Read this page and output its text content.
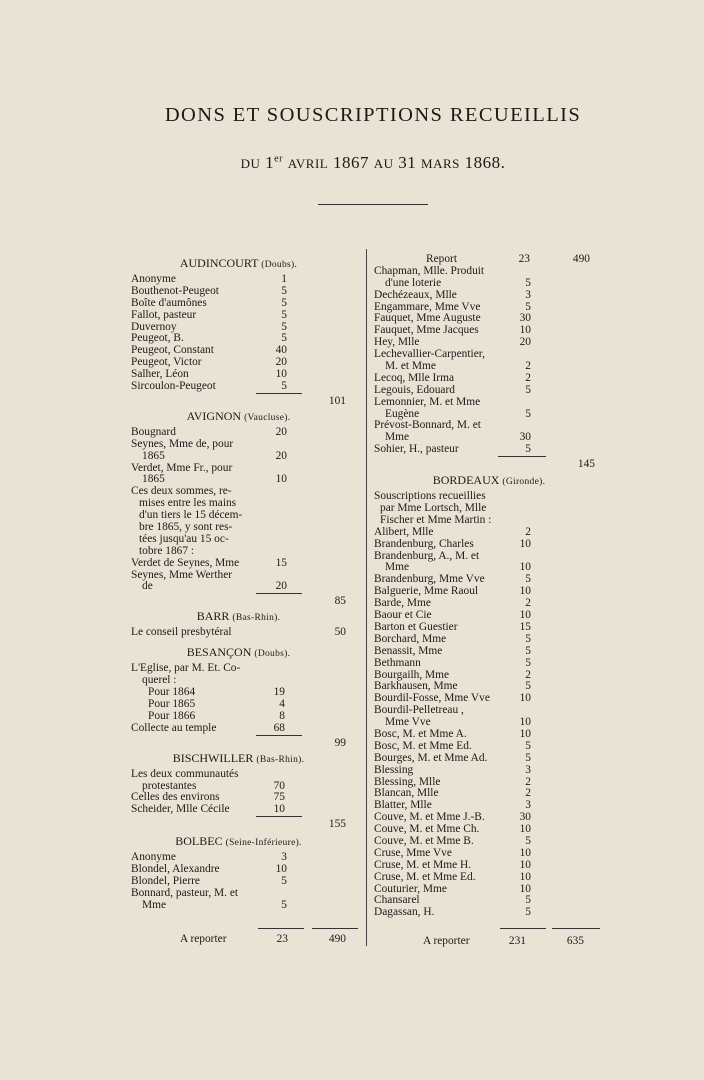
DONS ET SOUSCRIPTIONS RECUEILLIS
DU 1er AVRIL 1867 AU 31 MARS 1868.
AUDINCOURT (Doubs).
Anonyme	1
Bouthenot-Peugeot	5
Boîte d'aumônes	5
Fallot, pasteur	5
Duvernoy	5
Peugeot, B.	5
Peugeot, Constant	40
Peugeot, Victor	20
Salher, Léon	10
Sircoulon-Peugeot	5
101
AVIGNON (Vaucluse).
Bougnard	20
Seynes, Mme de, pour
1865	20
Verdet, Mme Fr., pour
1865	10
Ces deux sommes, re-
mises entre les mains
d'un tiers le 15 décem-
bre 1865, y sont res-
tées jusqu'au 15 oc-
tobre 1867 :
Verdet de Seynes, Mme	15
Seynes, Mme Werther
de	20
85
BARR (Bas-Rhin).
Le conseil presbytéral	50
BESANÇON (Doubs).
L'Eglise, par M. Et. Co-
querel :
Pour 1864	19
Pour 1865	4
Pour 1866	8
Collecte au temple	68
99
BISCHWILLER (Bas-Rhin).
Les deux communautés
protestantes	70
Celles des environs	75
Scheider, Mlle Cécile	10
155
BOLBEC (Seine-Inférieure).
Anonyme	3
Blondel, Alexandre	10
Blondel, Pierre	5
Bonnard, pasteur, M. et
Mme	5
A reporter	23	490
Report	23	490
Chapman, Mlle. Produit
d'une loterie	5
Dechézeaux, Mlle	3
Engammare, Mme Vve	5
Fauquet, Mme Auguste	30
Fauquet, Mme Jacques	10
Hey, Mlle	20
Lechevallier-Carpentier,
M. et Mme	2
Lecoq, Mlle Irma	2
Legouis, Edouard	5
Lemonnier, M. et Mme
Eugène	5
Prévost-Bonnard, M. et
Mme	30
Sohier, H., pasteur	5
145
BORDEAUX (Gironde).
Souscriptions recueillies
par Mme Lortsch, Mlle
Fischer et Mme Martin :
Alibert, Mlle	2
Brandenburg, Charles	10
Brandenburg, A., M. et
Mme	10
Brandenburg, Mme Vve	5
Balguerie, Mme Raoul	10
Barde, Mme	2
Baour et Cie	10
Barton et Guestier	15
Borchard, Mme	5
Benassit, Mme	5
Bethmann	5
Bourgailh, Mme	2
Barkhausen, Mme	5
Bourdil-Fosse, Mme Vve	10
Bourdil-Pelletreau ,
Mme Vve	10
Bosc, M. et Mme A.	10
Bosc, M. et Mme Ed.	5
Bourges, M. et Mme Ad.	5
Blessing	3
Blessing, Mlle	2
Blancan, Mlle	2
Blatter, Mlle	3
Couve, M. et Mme J.-B.	30
Couve, M. et Mme Ch.	10
Couve, M. et Mme B.	5
Cruse, Mme Vve	10
Cruse, M. et Mme H.	10
Cruse, M. et Mme Ed.	10
Couturier, Mme	10
Chansarel	5
Dagassan, H.	5
A reporter	231	635
